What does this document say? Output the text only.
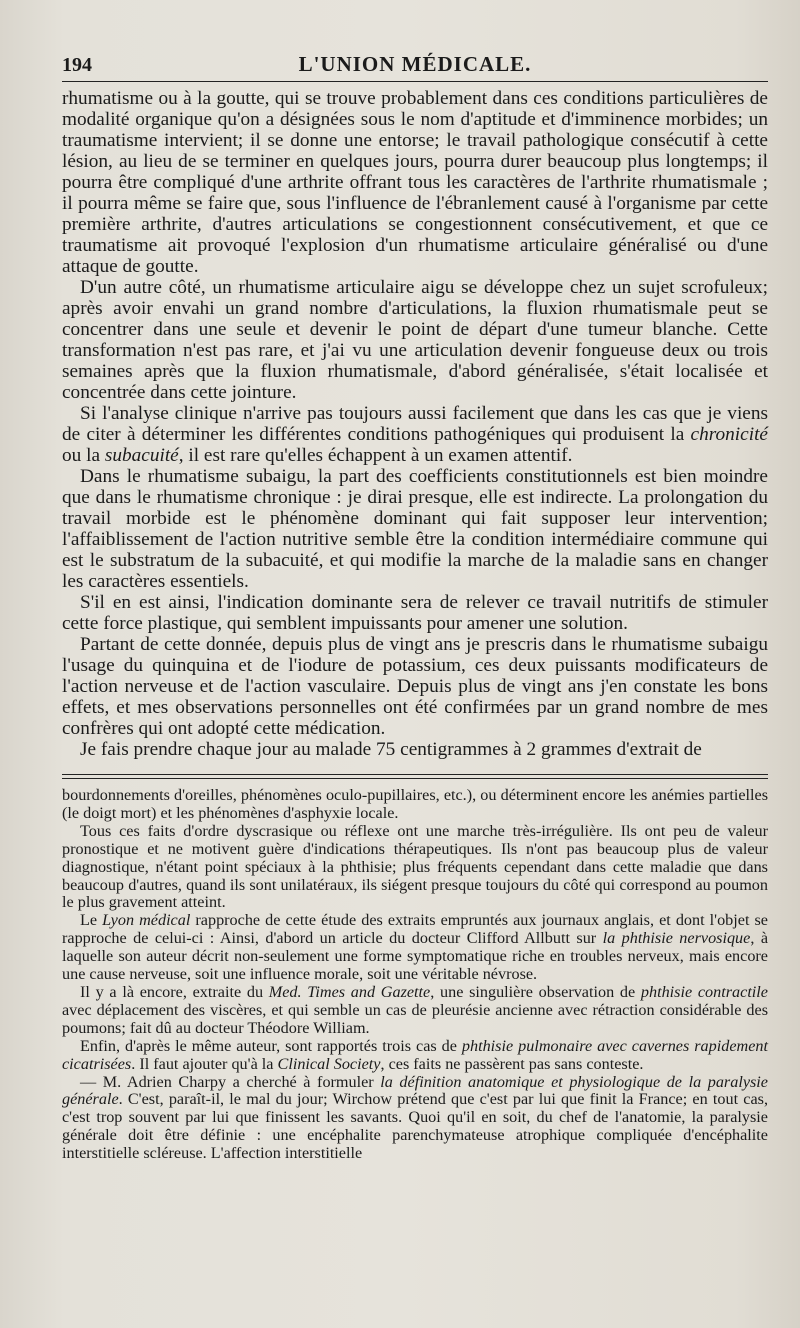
194	L'UNION MÉDICALE.

rhumatisme ou à la goutte, qui se trouve probablement dans ces conditions particulières de modalité organique qu'on a désignées sous le nom d'aptitude et d'imminence morbides; un traumatisme intervient; il se donne une entorse; le travail pathologique consécutif à cette lésion, au lieu de se terminer en quelques jours, pourra durer beaucoup plus longtemps; il pourra être compliqué d'une arthrite offrant tous les caractères de l'arthrite rhumatismale ; il pourra même se faire que, sous l'influence de l'ébranlement causé à l'organisme par cette première arthrite, d'autres articulations se congestionnent consécutivement, et que ce traumatisme ait provoqué l'explosion d'un rhumatisme articulaire généralisé ou d'une attaque de goutte.

D'un autre côté, un rhumatisme articulaire aigu se développe chez un sujet scrofuleux; après avoir envahi un grand nombre d'articulations, la fluxion rhumatismale peut se concentrer dans une seule et devenir le point de départ d'une tumeur blanche. Cette transformation n'est pas rare, et j'ai vu une articulation devenir fongueuse deux ou trois semaines après que la fluxion rhumatismale, d'abord généralisée, s'était localisée et concentrée dans cette jointure.

Si l'analyse clinique n'arrive pas toujours aussi facilement que dans les cas que je viens de citer à déterminer les différentes conditions pathogéniques qui produisent la chronicité ou la subacuité, il est rare qu'elles échappent à un examen attentif.

Dans le rhumatisme subaigu, la part des coefficients constitutionnels est bien moindre que dans le rhumatisme chronique : je dirai presque, elle est indirecte. La prolongation du travail morbide est le phénomène dominant qui fait supposer leur intervention; l'affaiblissement de l'action nutritive semble être la condition intermédiaire commune qui est le substratum de la subacuité, et qui modifie la marche de la maladie sans en changer les caractères essentiels.

S'il en est ainsi, l'indication dominante sera de relever ce travail nutritifs de stimuler cette force plastique, qui semblent impuissants pour amener une solution.

Partant de cette donnée, depuis plus de vingt ans je prescris dans le rhumatisme subaigu l'usage du quinquina et de l'iodure de potassium, ces deux puissants modificateurs de l'action nerveuse et de l'action vasculaire. Depuis plus de vingt ans j'en constate les bons effets, et mes observations personnelles ont été confirmées par un grand nombre de mes confrères qui ont adopté cette médication.

Je fais prendre chaque jour au malade 75 centigrammes à 2 grammes d'extrait de

bourdonnements d'oreilles, phénomènes oculo-pupillaires, etc.), ou déterminent encore les anémies partielles (le doigt mort) et les phénomènes d'asphyxie locale.

Tous ces faits d'ordre dyscrasique ou réflexe ont une marche très-irrégulière. Ils ont peu de valeur pronostique et ne motivent guère d'indications thérapeutiques. Ils n'ont pas beaucoup plus de valeur diagnostique, n'étant point spéciaux à la phthisie; plus fréquents cependant dans cette maladie que dans beaucoup d'autres, quand ils sont unilatéraux, ils siégent presque toujours du côté qui correspond au poumon le plus gravement atteint.

Le Lyon médical rapproche de cette étude des extraits empruntés aux journaux anglais, et dont l'objet se rapproche de celui-ci : Ainsi, d'abord un article du docteur Clifford Allbutt sur la phthisie nervosique, à laquelle son auteur décrit non-seulement une forme symptomatique riche en troubles nerveux, mais encore une cause nerveuse, soit une influence morale, soit une véritable névrose.

Il y a là encore, extraite du Med. Times and Gazette, une singulière observation de phthisie contractile avec déplacement des viscères, et qui semble un cas de pleurésie ancienne avec rétraction considérable des poumons; fait dû au docteur Théodore William.

Enfin, d'après le même auteur, sont rapportés trois cas de phthisie pulmonaire avec cavernes rapidement cicatrisées. Il faut ajouter qu'à la Clinical Society, ces faits ne passèrent pas sans conteste.

— M. Adrien Charpy a cherché à formuler la définition anatomique et physiologique de la paralysie générale. C'est, paraît-il, le mal du jour; Wirchow prétend que c'est par lui que finit la France; en tout cas, c'est trop souvent par lui que finissent les savants. Quoi qu'il en soit, du chef de l'anatomie, la paralysie générale doit être définie : une encéphalite parenchymateuse atrophique compliquée d'encéphalite interstitielle scléreuse. L'affection interstitielle
